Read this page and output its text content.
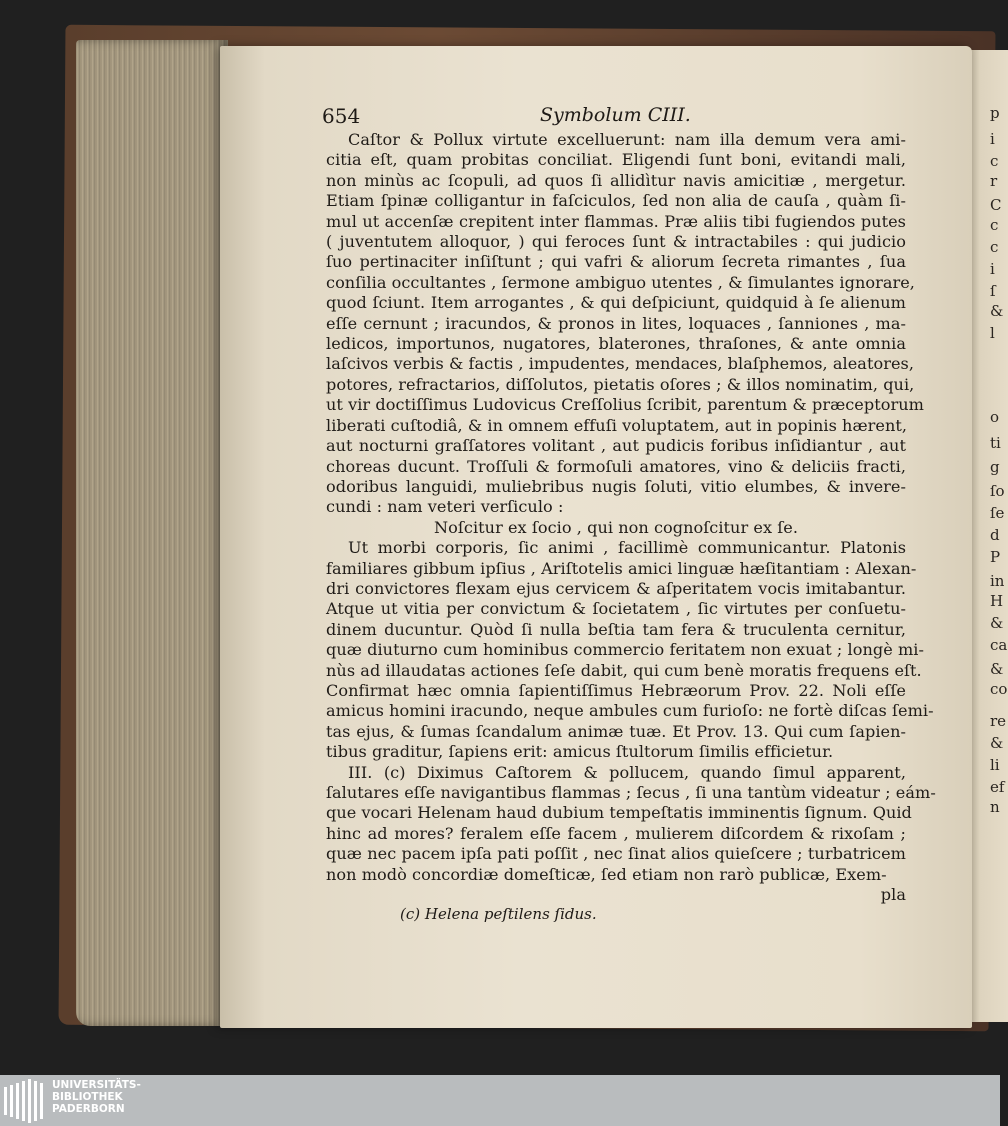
p
i
c
r
C
c
c
i
ſ
&
l
o
ti
g
ſo
ſe
d
P
in
H
&
ca
&
co
re
&
li
ef
n
654	Symbolum CIII.
Caſtor & Pollux virtute excelluerunt: nam illa demum vera ami-
citia eſt, quam probitas conciliat. Eligendi ſunt boni, evitandi mali,
non minùs ac ſcopuli, ad quos ſi allidìtur navis amicitiæ , mergetur.
Etiam ſpinæ colligantur in faſciculos, ſed non alia de cauſa , quàm ſi-
mul ut accenſæ crepitent inter flammas. Præ aliis tibi fugiendos putes
( juventutem alloquor, ) qui feroces ſunt & intractabiles : qui judicio
ſuo pertinaciter inſiſtunt ; qui vafri & aliorum ſecreta rimantes , ſua
conſilia occultantes , ſermone ambiguo utentes , & ſimulantes ignorare,
quod ſciunt. Item arrogantes , & qui deſpiciunt, quidquid à ſe alienum
eſſe cernunt ; iracundos, & pronos in lites, loquaces , ſanniones , ma-
ledicos, importunos, nugatores, blaterones, thraſones, & ante omnia
laſcivos verbis & factis , impudentes, mendaces, blaſphemos, aleatores,
potores, refractarios, diſſolutos, pietatis oſores ; & illos nominatim, qui,
ut vir doctiſſimus Ludovicus Creſſolius ſcribit, parentum & præceptorum
liberati cuſtodiâ, & in omnem effuſi voluptatem, aut in popinis hærent,
aut nocturni graſſatores volitant , aut pudicis foribus inſidiantur , aut
choreas ducunt. Troſſuli & formoſuli amatores, vino & deliciis fracti,
odoribus languidi, muliebribus nugis ſoluti, vitio elumbes, & invere-
cundi : nam veteri verſiculo :
Noſcitur ex ſocio , qui non cognoſcitur ex ſe.
Ut morbi corporis, ſic animi , facillimè communicantur. Platonis
familiares gibbum ipſius , Ariſtotelis amici linguæ hæſitantiam : Alexan-
dri convictores flexam ejus cervicem & aſperitatem vocis imitabantur.
Atque ut vitia per convictum & ſocietatem , ſic virtutes per conſuetu-
dinem ducuntur. Quòd ſi nulla beſtia tam fera & truculenta cernitur,
quæ diuturno cum hominibus commercio feritatem non exuat ; longè mi-
nùs ad illaudatas actiones ſeſe dabit, qui cum benè moratis frequens eſt.
Confirmat hæc omnia ſapientiſſimus Hebræorum Prov. 22. Noli eſſe
amicus homini iracundo, neque ambules cum furioſo: ne fortè diſcas ſemi-
tas ejus, & ſumas ſcandalum animæ tuæ. Et Prov. 13. Qui cum ſapien-
tibus graditur, ſapiens erit: amicus ſtultorum ſimilis efficietur.
III. (c) Diximus Caſtorem & pollucem, quando ſimul apparent,
ſalutares eſſe navigantibus flammas ; ſecus , ſi una tantùm videatur ; eám-
que vocari Helenam haud dubium tempeſtatis imminentis ſignum. Quid
hinc ad mores? feralem eſſe facem , mulierem diſcordem & rixoſam ;
quæ nec pacem ipſa pati poſſit , nec ſinat alios quieſcere ; turbatricem
non modò concordiæ domeſticæ, ſed etiam non rarò publicæ, Exem-
pla
(c) Helena peſtilens ſidus.
UNIVERSITÄTS-
BIBLIOTHEK
PADERBORN
